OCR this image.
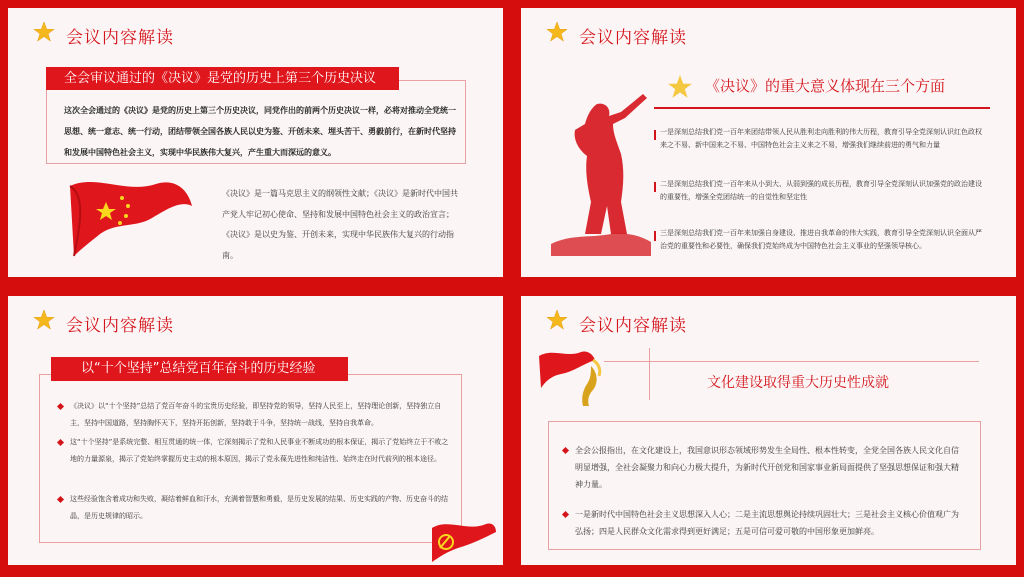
会议内容解读
全会审议通过的《决议》是党的历史上第三个历史决议
这次全会通过的《决议》是党的历史上第三个历史决议，同党作出的前两个历史决议一样，必将对推动全党统一思想、统一意志、统一行动，团结带领全国各族人民以史为鉴、开创未来、埋头苦干、勇毅前行，在新时代坚持和发展中国特色社会主义，实现中华民族伟大复兴，产生重大而深远的意义。
《决议》是一篇马克思主义的纲领性文献；《决议》是新时代中国共产党人牢记初心使命、坚持和发展中国特色社会主义的政治宣言；《决议》是以史为鉴、开创未来，实现中华民族伟大复兴的行动指南。
会议内容解读
《决议》的重大意义体现在三个方面
一是深刻总结我们党一百年来团结带领人民从胜利走向胜利的伟大历程，教育引导全党深刻认识红色政权来之不易、新中国来之不易、中国特色社会主义来之不易，增强我们继续前进的勇气和力量
二是深刻总结我们党一百年来从小到大、从弱到强的成长历程，教育引导全党深刻认识加强党的政治建设的重要性，增强全党团结统一的自觉性和坚定性
三是深刻总结我们党一百年来加强自身建设、推进自我革命的伟大实践，教育引导全党深刻认识全面从严治党的重要性和必要性，确保我们党始终成为中国特色社会主义事业的坚强领导核心。
会议内容解读
以“十个坚持”总结党百年奋斗的历史经验
《决议》以“十个坚持”总结了党百年奋斗的宝贵历史经验，即坚持党的领导，坚持人民至上，坚持理论创新，坚持独立自主，坚持中国道路，坚持胸怀天下，坚持开拓创新，坚持敢于斗争，坚持统一战线，坚持自我革命。
这“十个坚持”是系统完整、相互贯通的统一体，它深刻揭示了党和人民事业不断成功的根本保证，揭示了党始终立于不败之地的力量源泉，揭示了党始终掌握历史主动的根本原因，揭示了党永葆先进性和纯洁性、始终走在时代前列的根本途径。
这些经验饱含着成功和失败，凝结着鲜血和汗水，充满着智慧和勇毅，是历史发展的结果、历史实践的产物、历史奋斗的结晶，是历史规律的昭示。
会议内容解读
文化建设取得重大历史性成就
全会公报指出，在文化建设上，我国意识形态领域形势发生全局性、根本性转变，全党全国各族人民文化自信明显增强，全社会凝聚力和向心力极大提升，为新时代开创党和国家事业新局面提供了坚强思想保证和强大精神力量。
一是新时代中国特色社会主义思想深入人心；二是主流思想舆论持续巩固壮大；三是社会主义核心价值观广为弘扬；四是人民群众文化需求得到更好满足；五是可信可爱可敬的中国形象更加鲜亮。
